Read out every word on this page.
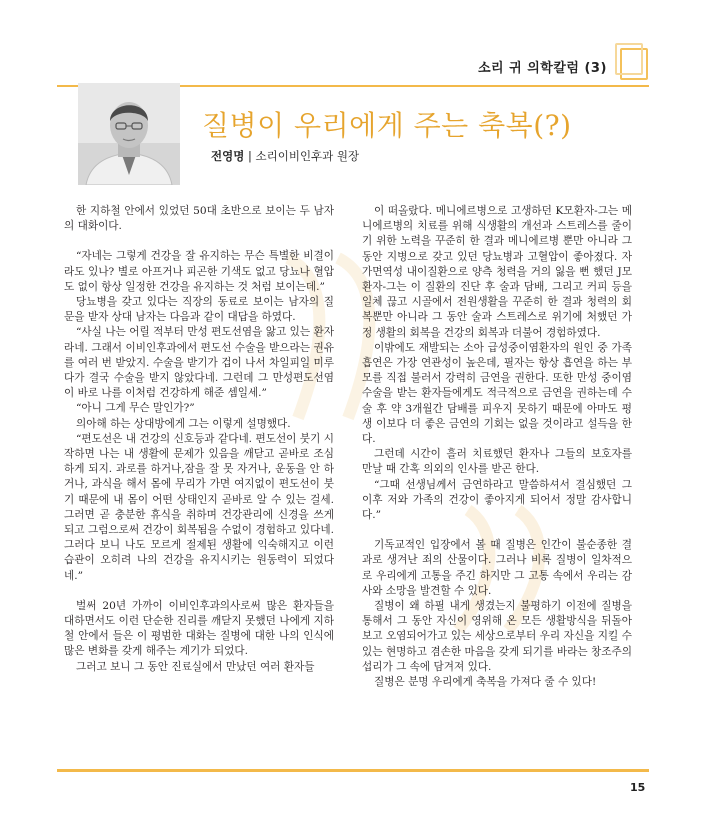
소리 귀 의학칼럼 (3)
질병이 우리에게 주는 축복(?)
전영명 | 소리이비인후과 원장

한 지하철 안에서 있었던 50대 초반으로 보이는 두 남자의 대화이다.

“자네는 그렇게 건강을 잘 유지하는 무슨 특별한 비결이라도 있나? 별로 아프거나 피곤한 기색도 없고 당뇨나 혈압도 없이 항상 일정한 건강을 유지하는 것 처럼 보이는데.”

당뇨병을 갖고 있다는 직장의 동료로 보이는 남자의 질문을 받자 상대 남자는 다음과 같이 대답을 하였다.

“사실 나는 어릴 적부터 만성 편도선염을 앓고 있는 환자라네. 그래서 이비인후과에서 편도선 수술을 받으라는 권유를 여러 번 받았지. 수술을 받기가 겁이 나서 차일피일 미루다가 결국 수술을 받지 않았다네. 그런데 그 만성편도선염이 바로 나를 이처럼 건강하게 해준 셈일세.”

“아니 그게 무슨 말인가?”

의아해 하는 상대방에게 그는 이렇게 설명했다.

“편도선은 내 건강의 신호등과 같다네. 편도선이 붓기 시작하면 나는 내 생활에 문제가 있음을 깨닫고 곧바로 조심하게 되지. 과로를 하거나,잠을 잘 못 자거나, 운동을 안 하거나, 과식을 해서 몸에 무리가 가면 여지없이 편도선이 붓기 때문에 내 몸이 어떤 상태인지 곧바로 알 수 있는 걸세. 그러면 곧 충분한 휴식을 취하며 건강관리에 신경을 쓰게 되고 그럼으로써 건강이 회복됨을 수없이 경험하고 있다네. 그러다 보니 나도 모르게 절제된 생활에 익숙해지고 이런 습관이 오히려 나의 건강을 유지시키는 원동력이 되었다네.”

벌써 20년 가까이 이비인후과의사로써 많은 환자들을 대하면서도 이런 단순한 진리를 깨닫지 못했던 나에게 지하철 안에서 들은 이 평범한 대화는 질병에 대한 나의 인식에 많은 변화를 갖게 해주는 계기가 되었다.

그러고 보니 그 동안 진료실에서 만났던 여러 환자들

이 떠올랐다. 메니에르병으로 고생하던 K모환자-그는 메니에르병의 치료를 위해 식생활의 개선과 스트레스를 줄이기 위한 노력을 꾸준히 한 결과 메니에르병 뿐만 아니라 그 동안 지병으로 갖고 있던 당뇨병과 고혈압이 좋아졌다. 자가면역성 내이질환으로 양측 청력을 거의 잃을 뻔 했던 J모 환자-그는 이 질환의 진단 후 술과 담배, 그리고 커피 등을 일체 끊고 시골에서 전원생활을 꾸준히 한 결과 청력의 회복뿐만 아니라 그 동안 술과 스트레스로 위기에 처했던 가정 생활의 회복을 건강의 회복과 더불어 경험하였다.

이밖에도 재발되는 소아 급성중이염환자의 원인 중 가족 흡연은 가장 연관성이 높은데, 필자는 항상 흡연을 하는 부모를 직접 불러서 강력히 금연을 권한다. 또한 만성 중이염수술을 받는 환자들에게도 적극적으로 금연을 권하는데 수술 후 약 3개월간 담배를 피우지 못하기 때문에 아마도 평생 이보다 더 좋은 금연의 기회는 없을 것이라고 설득을 한다.

그런데 시간이 흘러 치료했던 환자나 그들의 보호자를 만날 때 간혹 의외의 인사를 받곤 한다.

“그때 선생님께서 금연하라고 말씀하셔서 결심했던 그 이후 저와 가족의 건강이 좋아지게 되어서 정말 감사합니다.”

기독교적인 입장에서 볼 때 질병은 인간이 불순종한 결과로 생겨난 죄의 산물이다. 그러나 비록 질병이 일차적으로 우리에게 고통을 주긴 하지만 그 고통 속에서 우리는 감사와 소망을 발견할 수 있다.

질병이 왜 하필 내게 생겼는지 불평하기 이전에 질병을 통해서 그 동안 자신이 영위해 온 모든 생활방식을 뒤돌아보고 오염되어가고 있는 세상으로부터 우리 자신을 지킬 수 있는 현명하고 겸손한 마음을 갖게 되기를 바라는 창조주의 섭리가 그 속에 담겨져 있다.

질병은 분명 우리에게 축복을 가져다 줄 수 있다!

15
